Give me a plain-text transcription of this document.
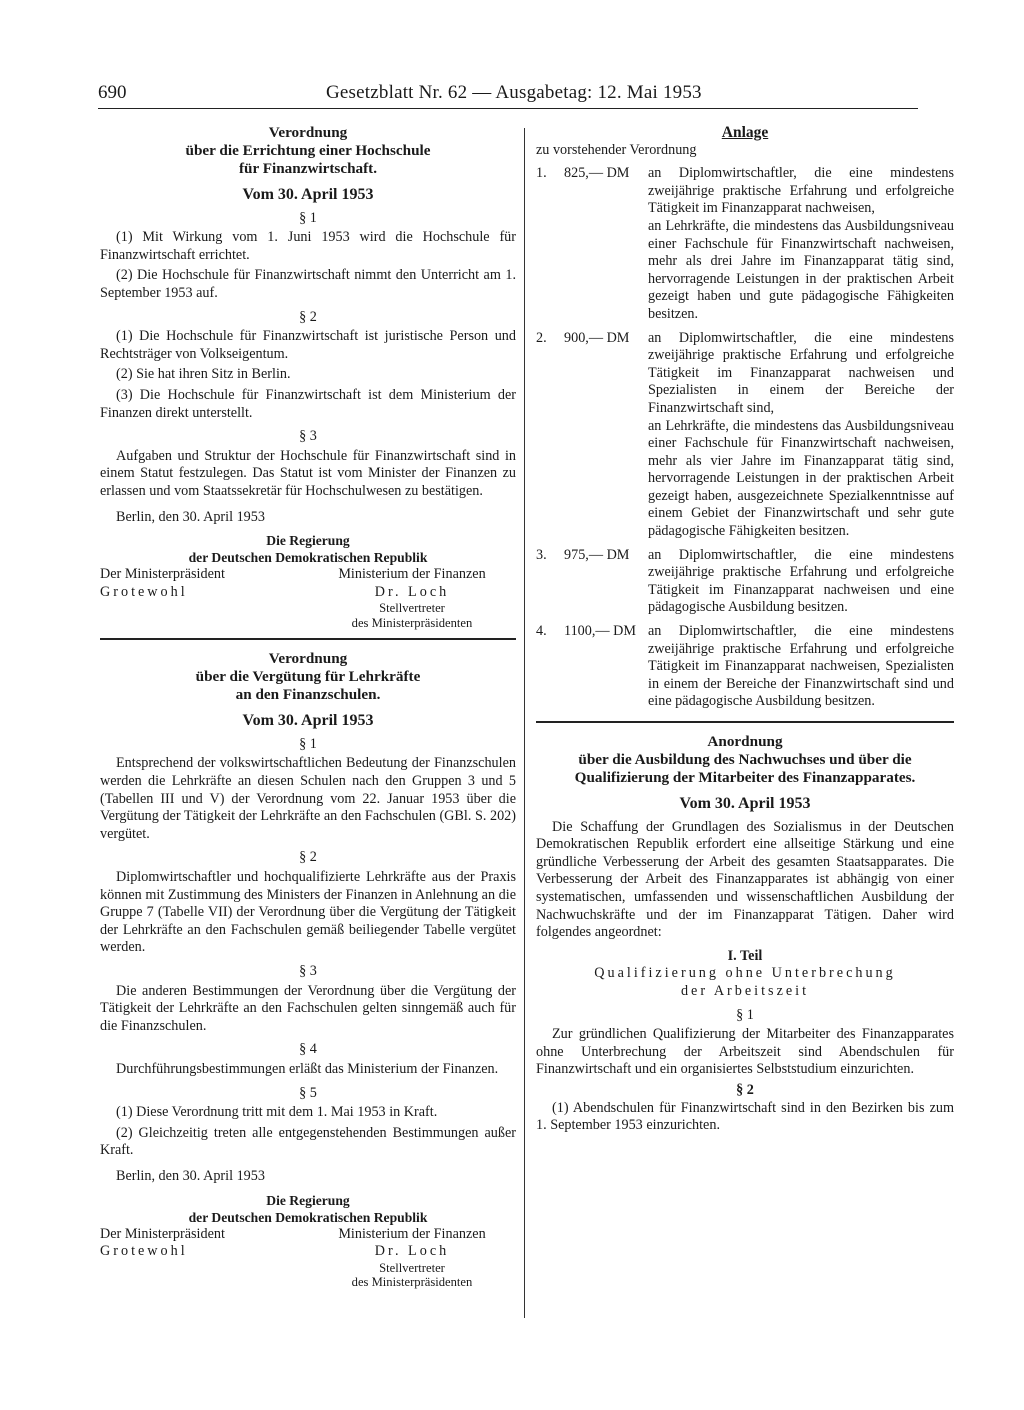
690	Gesetzblatt Nr. 62 — Ausgabetag: 12. Mai 1953
Verordnung
über die Errichtung einer Hochschule
für Finanzwirtschaft.
Vom 30. April 1953
§ 1

(1) Mit Wirkung vom 1. Juni 1953 wird die Hochschule für Finanzwirtschaft errichtet.

(2) Die Hochschule für Finanzwirtschaft nimmt den Unterricht am 1. September 1953 auf.

§ 2

(1) Die Hochschule für Finanzwirtschaft ist juristische Person und Rechtsträger von Volkseigentum.

(2) Sie hat ihren Sitz in Berlin.

(3) Die Hochschule für Finanzwirtschaft ist dem Ministerium der Finanzen direkt unterstellt.

§ 3

Aufgaben und Struktur der Hochschule für Finanzwirtschaft sind in einem Statut festzulegen. Das Statut ist vom Minister der Finanzen zu erlassen und vom Staatssekretär für Hochschulwesen zu bestätigen.

Berlin, den 30. April 1953
Die Regierung
der Deutschen Demokratischen Republik
Der Ministerpräsident
Grotewohl
Ministerium der Finanzen
Dr. Loch
Stellvertreter
des Ministerpräsidenten
Verordnung
über die Vergütung für Lehrkräfte
an den Finanzschulen.
Vom 30. April 1953
§ 1

Entsprechend der volkswirtschaftlichen Bedeutung der Finanzschulen werden die Lehrkräfte an diesen Schulen nach den Gruppen 3 und 5 (Tabellen III und V) der Verordnung vom 22. Januar 1953 über die Vergütung der Tätigkeit der Lehrkräfte an den Fachschulen (GBl. S. 202) vergütet.

§ 2

Diplomwirtschaftler und hochqualifizierte Lehrkräfte aus der Praxis können mit Zustimmung des Ministers der Finanzen in Anlehnung an die Gruppe 7 (Tabelle VII) der Verordnung über die Vergütung der Tätigkeit der Lehrkräfte an den Fachschulen gemäß beiliegender Tabelle vergütet werden.

§ 3

Die anderen Bestimmungen der Verordnung über die Vergütung der Tätigkeit der Lehrkräfte an den Fachschulen gelten sinngemäß auch für die Finanzschulen.

§ 4

Durchführungsbestimmungen erläßt das Ministerium der Finanzen.

§ 5

(1) Diese Verordnung tritt mit dem 1. Mai 1953 in Kraft.

(2) Gleichzeitig treten alle entgegenstehenden Bestimmungen außer Kraft.

Berlin, den 30. April 1953
Die Regierung
der Deutschen Demokratischen Republik
Der Ministerpräsident
Grotewohl
Ministerium der Finanzen
Dr. Loch
Stellvertreter
des Ministerpräsidenten
Anlage
zu vorstehender Verordnung
1.	825,— DM	an Diplomwirtschaftler, die eine mindestens zweijährige praktische Erfahrung und erfolgreiche Tätigkeit im Finanzapparat nachweisen,
an Lehrkräfte, die mindestens das Ausbildungsniveau einer Fachschule für Finanzwirtschaft nachweisen, mehr als drei Jahre im Finanzapparat tätig sind, hervorragende Leistungen in der praktischen Arbeit gezeigt haben und gute pädagogische Fähigkeiten besitzen.
2.	900,— DM	an Diplomwirtschaftler, die eine mindestens zweijährige praktische Erfahrung und erfolgreiche Tätigkeit im Finanzapparat nachweisen und Spezialisten in einem der Bereiche der Finanzwirtschaft sind,
an Lehrkräfte, die mindestens das Ausbildungsniveau einer Fachschule für Finanzwirtschaft nachweisen, mehr als vier Jahre im Finanzapparat tätig sind, hervorragende Leistungen in der praktischen Arbeit gezeigt haben, ausgezeichnete Spezialkenntnisse auf einem Gebiet der Finanzwirtschaft und sehr gute pädagogische Fähigkeiten besitzen.
3.	975,— DM	an Diplomwirtschaftler, die eine mindestens zweijährige praktische Erfahrung und erfolgreiche Tätigkeit im Finanzapparat nachweisen und eine pädagogische Ausbildung besitzen.
4.	1100,— DM an Diplomwirtschaftler, die eine mindestens zweijährige praktische Erfahrung und erfolgreiche Tätigkeit im Finanzapparat nachweisen, Spezialisten in einem der Bereiche der Finanzwirtschaft sind und eine pädagogische Ausbildung besitzen.
Anordnung
über die Ausbildung des Nachwuchses und über die
Qualifizierung der Mitarbeiter des Finanzapparates.
Vom 30. April 1953

Die Schaffung der Grundlagen des Sozialismus in der Deutschen Demokratischen Republik erfordert eine allseitige Stärkung und eine gründliche Verbesserung der Arbeit des gesamten Staatsapparates. Die Verbesserung der Arbeit des Finanzapparates ist abhängig von einer systematischen, umfassenden und wissenschaftlichen Ausbildung der Nachwuchskräfte und der im Finanzapparat Tätigen. Daher wird folgendes angeordnet:

I. Teil
Qualifizierung ohne Unterbrechung
der Arbeitszeit
§ 1

Zur gründlichen Qualifizierung der Mitarbeiter des Finanzapparates ohne Unterbrechung der Arbeitszeit sind Abendschulen für Finanzwirtschaft und ein organisiertes Selbststudium einzurichten.

§ 2

(1) Abendschulen für Finanzwirtschaft sind in den Bezirken bis zum 1. September 1953 einzurichten.
